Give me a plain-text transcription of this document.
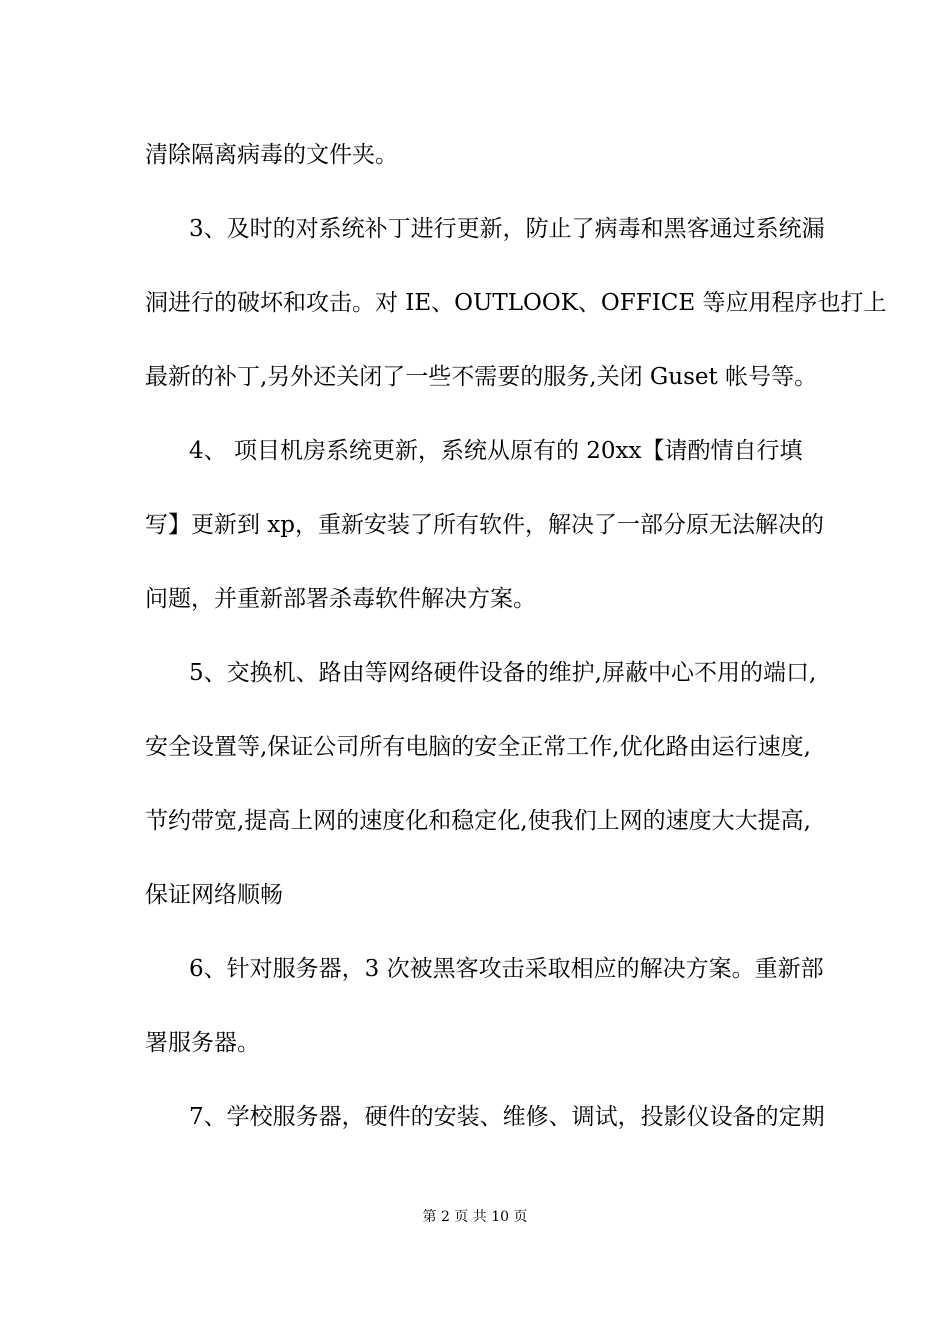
清除隔离病毒的文件夹。
3、及时的对系统补丁进行更新，防止了病毒和黑客通过系统漏
洞进行的破坏和攻击。对 IE、OUTLOOK、OFFICE 等应用程序也打上
最新的补丁,另外还关闭了一些不需要的服务,关闭 Guset 帐号等。
4、 项目机房系统更新，系统从原有的 20xx【请酌情自行填
写】更新到 xp，重新安装了所有软件，解决了一部分原无法解决的
问题，并重新部署杀毒软件解决方案。
5、交换机、路由等网络硬件设备的维护,屏蔽中心不用的端口,
安全设置等,保证公司所有电脑的安全正常工作,优化路由运行速度,
节约带宽,提高上网的速度化和稳定化,使我们上网的速度大大提高,
保证网络顺畅
6、针对服务器，3 次被黑客攻击采取相应的解决方案。重新部
署服务器。
7、学校服务器，硬件的安装、维修、调试，投影仪设备的定期
第 2 页 共 10 页
